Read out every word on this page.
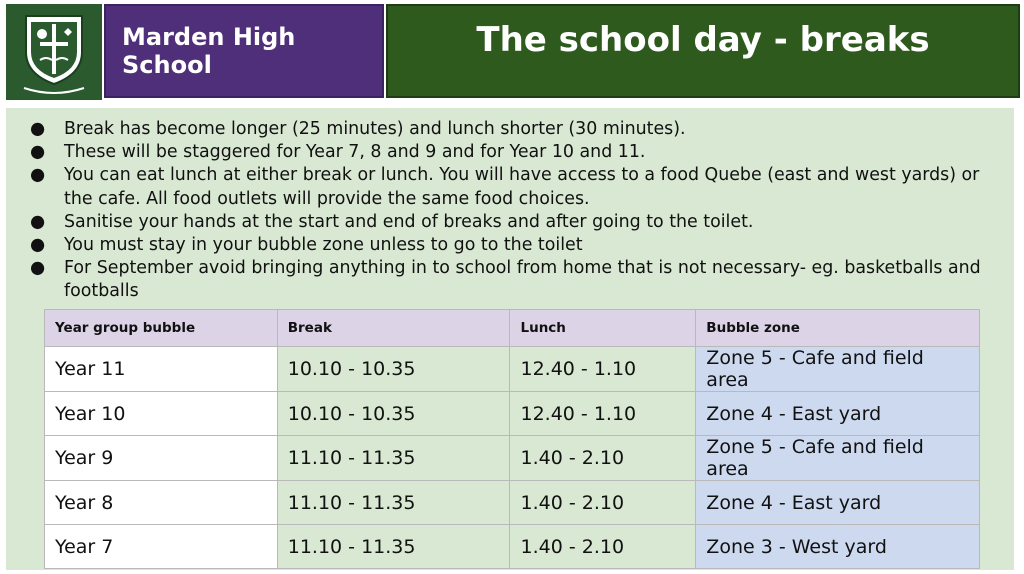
Marden High School
The school day - breaks
● Break has become longer (25 minutes) and lunch shorter (30 minutes).
● These will be staggered for Year 7, 8 and 9 and for Year 10 and 11.
● You can eat lunch at either break or lunch. You will have access to a food Quebe (east and west yards) or the cafe. All food outlets will provide the same food choices.
● Sanitise your hands at the start and end of breaks and after going to the toilet.
● You must stay in your bubble zone unless to go to the toilet
● For September avoid bringing anything in to school from home that is not necessary- eg. basketballs and footballs
Year group bubble	Break	Lunch	Bubble zone
Year 11	10.10 - 10.35	12.40 - 1.10	Zone 5 - Cafe and field area
Year 10	10.10 - 10.35	12.40 - 1.10	Zone 4 - East yard
Year 9	11.10 - 11.35	1.40 - 2.10	Zone 5 - Cafe and field area
Year 8	11.10 - 11.35	1.40 - 2.10	Zone 4 - East yard
Year 7	11.10 - 11.35	1.40 - 2.10	Zone 3 - West yard
